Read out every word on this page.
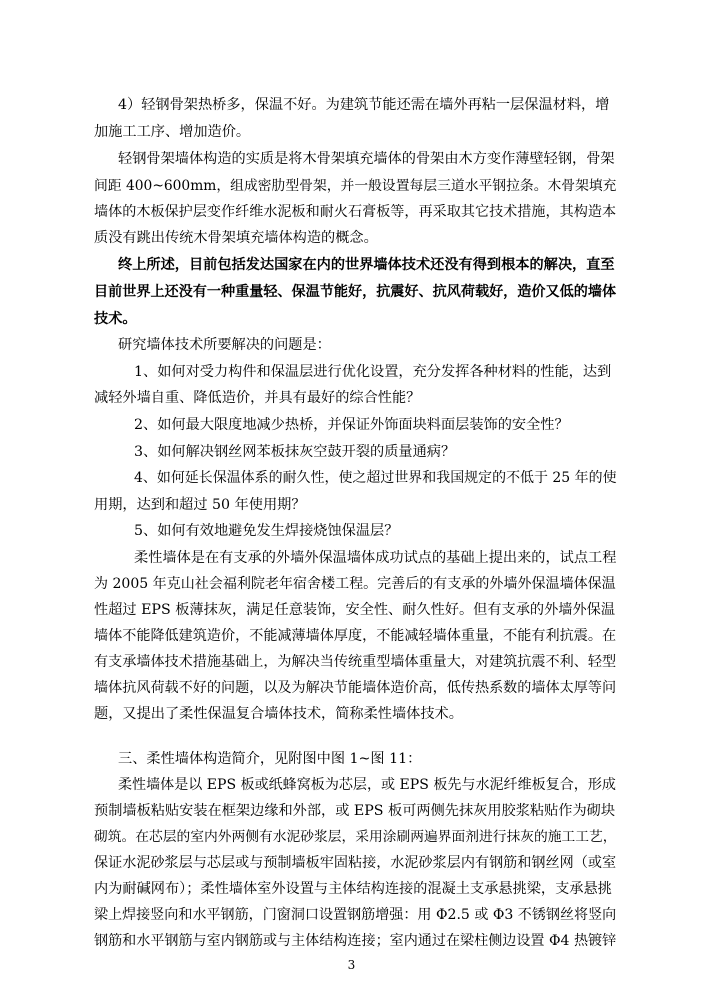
4）轻钢骨架热桥多，保温不好。为建筑节能还需在墙外再粘一层保温材料，增
加施工工序、增加造价。
轻钢骨架墙体构造的实质是将木骨架填充墙体的骨架由木方变作薄壁轻钢，骨架
间距 400~600mm，组成密肋型骨架，并一般设置每层三道水平钢拉条。木骨架填充
墙体的木板保护层变作纤维水泥板和耐火石膏板等，再采取其它技术措施，其构造本
质没有跳出传统木骨架填充墙体构造的概念。
终上所述，目前包括发达国家在内的世界墙体技术还没有得到根本的解决，直至
目前世界上还没有一种重量轻、保温节能好，抗震好、抗风荷载好，造价又低的墙体
技术。
研究墙体技术所要解决的问题是：
1、如何对受力构件和保温层进行优化设置，充分发挥各种材料的性能，达到
减轻外墙自重、降低造价，并具有最好的综合性能？
2、如何最大限度地减少热桥，并保证外饰面块料面层装饰的安全性？
3、如何解决钢丝网苯板抹灰空鼓开裂的质量通病？
4、如何延长保温体系的耐久性，使之超过世界和我国规定的不低于 25 年的使
用期，达到和超过 50 年使用期？
5、如何有效地避免发生焊接烧蚀保温层？
柔性墙体是在有支承的外墙外保温墙体成功试点的基础上提出来的，试点工程
为 2005 年克山社会福利院老年宿舍楼工程。完善后的有支承的外墙外保温墙体保温
性超过 EPS 板薄抹灰，满足任意装饰，安全性、耐久性好。但有支承的外墙外保温
墙体不能降低建筑造价，不能减薄墙体厚度，不能减轻墙体重量，不能有利抗震。在
有支承墙体技术措施基础上，为解决当传统重型墙体重量大，对建筑抗震不利、轻型
墙体抗风荷载不好的问题，以及为解决节能墙体造价高，低传热系数的墙体太厚等问
题，又提出了柔性保温复合墙体技术，简称柔性墙体技术。
三、柔性墙体构造简介，见附图中图 1~图 11：
柔性墙体是以 EPS 板或纸蜂窝板为芯层，或 EPS 板先与水泥纤维板复合，形成
预制墙板粘贴安装在框架边缘和外部，或 EPS 板可两侧先抹灰用胶浆粘贴作为砌块
砌筑。在芯层的室内外两侧有水泥砂浆层，采用涂刷两遍界面剂进行抹灰的施工工艺，
保证水泥砂浆层与芯层或与预制墙板牢固粘接，水泥砂浆层内有钢筋和钢丝网（或室
内为耐碱网布）；柔性墙体室外设置与主体结构连接的混凝土支承悬挑梁，支承悬挑
梁上焊接竖向和水平钢筋，门窗洞口设置钢筋增强：用 Φ2.5 或 Φ3 不锈钢丝将竖向
钢筋和水平钢筋与室内钢筋或与主体结构连接；室内通过在梁柱侧边设置 Φ4 热镀锌
3
